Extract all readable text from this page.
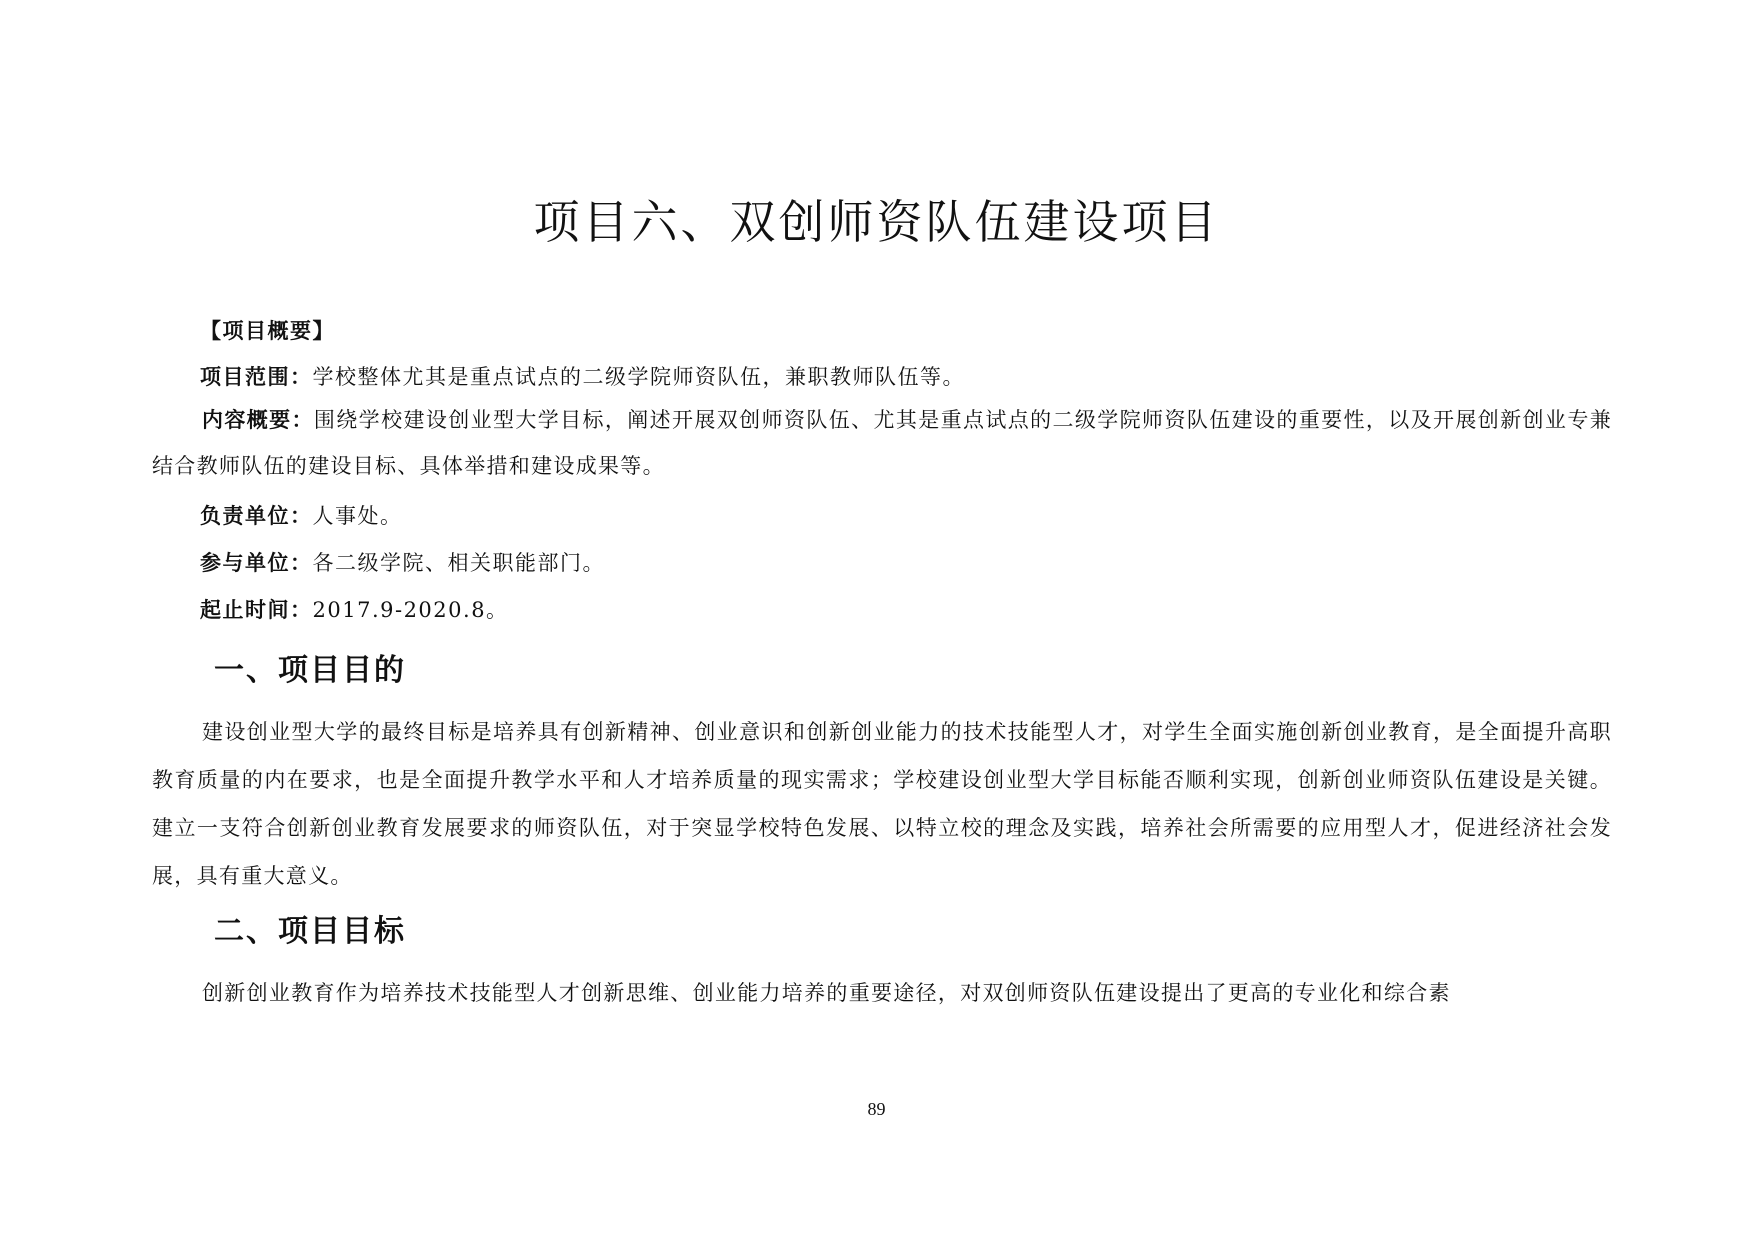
项目六、双创师资队伍建设项目
【项目概要】
项目范围：学校整体尤其是重点试点的二级学院师资队伍，兼职教师队伍等。
内容概要：围绕学校建设创业型大学目标，阐述开展双创师资队伍、尤其是重点试点的二级学院师资队伍建设的重要性，以及开展创新创业专兼结合教师队伍的建设目标、具体举措和建设成果等。
负责单位：人事处。
参与单位：各二级学院、相关职能部门。
起止时间：2017.9-2020.8。
一、项目目的
建设创业型大学的最终目标是培养具有创新精神、创业意识和创新创业能力的技术技能型人才，对学生全面实施创新创业教育，是全面提升高职教育质量的内在要求，也是全面提升教学水平和人才培养质量的现实需求；学校建设创业型大学目标能否顺利实现，创新创业师资队伍建设是关键。建立一支符合创新创业教育发展要求的师资队伍，对于突显学校特色发展、以特立校的理念及实践，培养社会所需要的应用型人才，促进经济社会发展，具有重大意义。
二、项目目标
创新创业教育作为培养技术技能型人才创新思维、创业能力培养的重要途径，对双创师资队伍建设提出了更高的专业化和综合素
89
